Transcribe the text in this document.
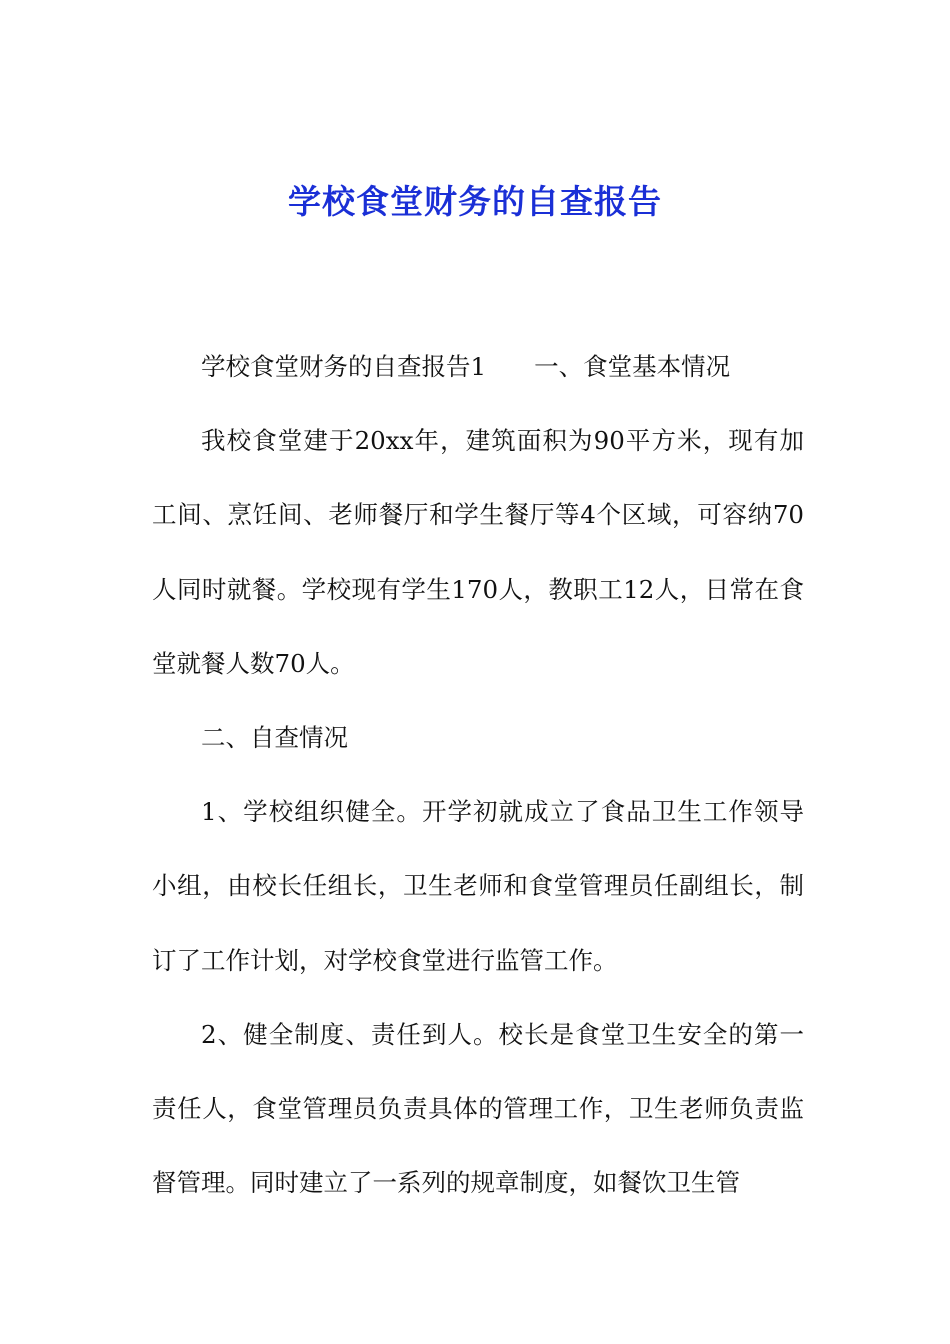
学校食堂财务的自查报告

学校食堂财务的自查报告1 一、食堂基本情况

我校食堂建于20xx年，建筑面积为90平方米，现有加工间、烹饪间、老师餐厅和学生餐厅等4个区域，可容纳70人同时就餐。学校现有学生170人，教职工12人，日常在食堂就餐人数70人。

二、自查情况

1、学校组织健全。开学初就成立了食品卫生工作领导小组，由校长任组长，卫生老师和食堂管理员任副组长，制订了工作计划，对学校食堂进行监管工作。

2、健全制度、责任到人。校长是食堂卫生安全的第一责任人，食堂管理员负责具体的管理工作，卫生老师负责监督管理。同时建立了一系列的规章制度，如餐饮卫生管
